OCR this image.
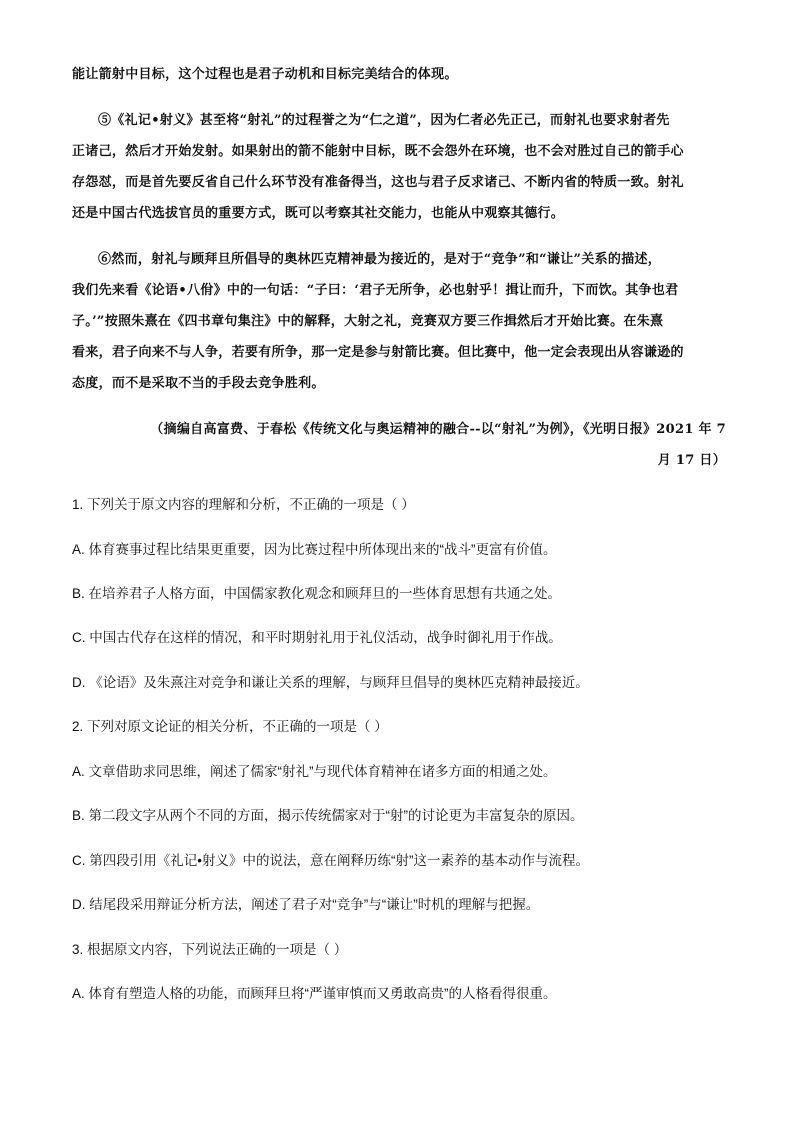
能让箭射中目标，这个过程也是君子动机和目标完美结合的体现。
⑤《礼记•射义》甚至将“射礼”的过程誉之为“仁之道”，因为仁者必先正己，而射礼也要求射者先
正诸己，然后才开始发射。如果射出的箭不能射中目标，既不会怨外在环境，也不会对胜过自己的箭手心
存怨怼，而是首先要反省自己什么环节没有准备得当，这也与君子反求诸己、不断内省的特质一致。射礼
还是中国古代选拔官员的重要方式，既可以考察其社交能力，也能从中观察其德行。
⑥然而，射礼与顾拜旦所倡导的奥林匹克精神最为接近的，是对于“竞争”和“谦让”关系的描述，
我们先来看《论语•八佾》中的一句话：“子曰：‘君子无所争，必也射乎！揖让而升，下而饮。其争也君
子。’”按照朱熹在《四书章句集注》中的解释，大射之礼，竞赛双方要三作揖然后才开始比赛。在朱熹
看来，君子向来不与人争，若要有所争，那一定是参与射箭比赛。但比赛中，他一定会表现出从容谦逊的
态度，而不是采取不当的手段去竞争胜利。
（摘编自高富费、于春松《传统文化与奥运精神的融合--以“射礼”为例》，《光明日报》2021 年 7
月 17 日）
1. 下列关于原文内容的理解和分析，不正确的一项是（ ）
A. 体育赛事过程比结果更重要，因为比赛过程中所体现出来的“战斗”更富有价值。
B. 在培养君子人格方面，中国儒家教化观念和顾拜旦的一些体育思想有共通之处。
C. 中国古代存在这样的情况，和平时期射礼用于礼仪活动，战争时御礼用于作战。
D. 《论语》及朱熹注对竞争和谦让关系的理解，与顾拜旦倡导的奥林匹克精神最接近。
2. 下列对原文论证的相关分析，不正确的一项是（ ）
A. 文章借助求同思维，阐述了儒家“射礼”与现代体育精神在诸多方面的相通之处。
B. 第二段文字从两个不同的方面，揭示传统儒家对于“射”的讨论更为丰富复杂的原因。
C. 第四段引用《礼记•射义》中的说法，意在阐释历练“射”这一素养的基本动作与流程。
D. 结尾段采用辩证分析方法，阐述了君子对“竞争”与“谦让”时机的理解与把握。
3. 根据原文内容，下列说法正确的一项是（ ）
A. 体育有塑造人格的功能，而顾拜旦将“严谨审慎而又勇敢高贵”的人格看得很重。
